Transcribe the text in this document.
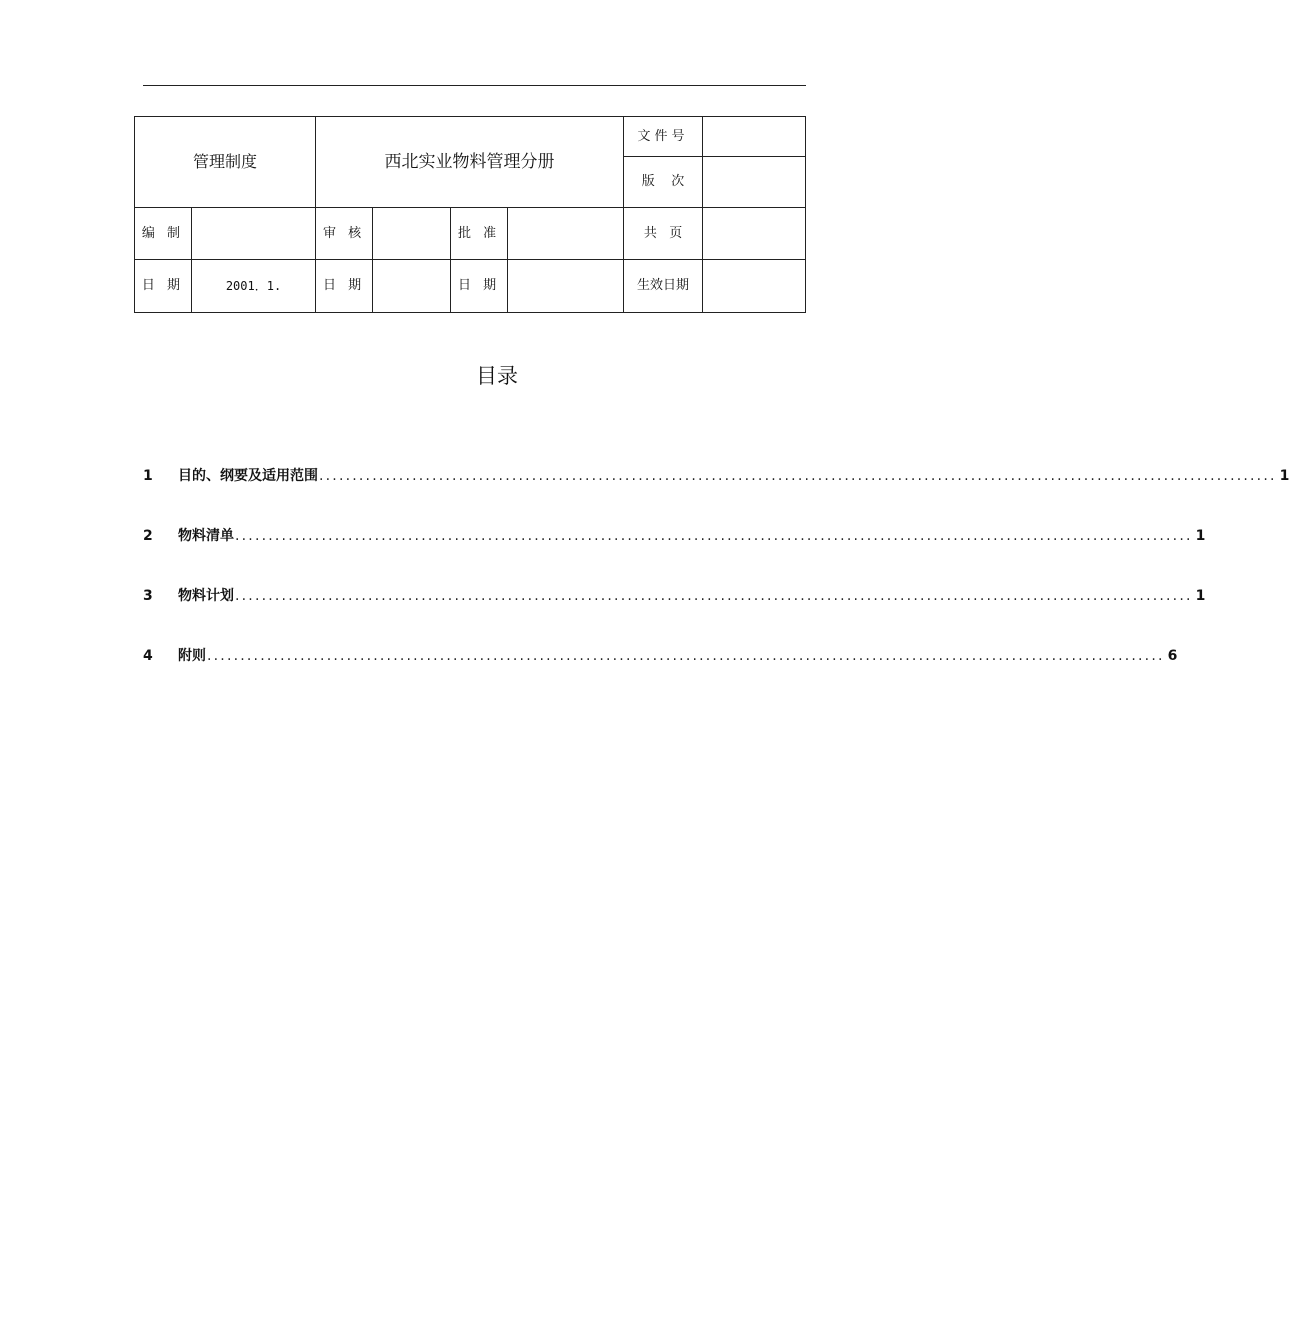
管理制度		西北实业物料管理分册				文件号	
						版    次	
编 制		审 核		批 准		共   页	
日 期	2001．1.	日 期		日 期		生效日期	
目录
1	目的、纲要及适用范围 ................................................................................................................................................ 1
2	物料清单 ................................................................................................................................................ 1
3	物料计划 ................................................................................................................................................ 1
4	附则 ................................................................................................................................................ 6
